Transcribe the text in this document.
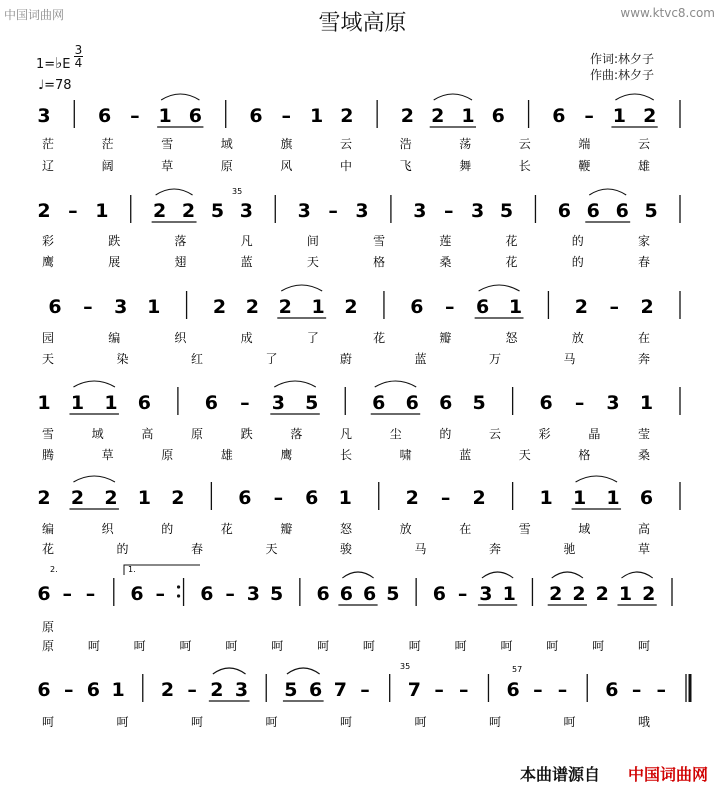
中国词曲网	www.ktvc8.com
雪域高原
作词:林夕子
作曲:林夕子
1=♭E
3
4
♩=78
3 6 – 1 6 6 – 1 2 2 2 1 6 6 – 1 2
2 – 1 2 2 5 3 3 – 3 3 – 3 5 6 6 6 5
6 – 3 1	2 2 2 1 2	6 – 6 1	2 – 2
1 1 1 6	6 – 3 5	6 6 6 5	6 – 3 1
2 2 2 1 2	6 – 6 1	2 – 2	1 1 1 6
6 – – 6 – 6 – 3 5 6 6 6 5 6 – 3 1 2 2 2 1 2
6 – 6 1 2 – 2 3 5 6 7 – 7 – – 6 – – 6 – –
茫	茫	雪	域	旗	云	浩	荡	云	端	云
辽	阔	草	原	风	中	飞	舞	长	鞭	雄
彩	跌	落	凡	间	雪	莲	花	的	家
鹰	展	翅	蓝	天	格	桑	花	的	春
园	编	织	成	了	花	瓣	怒	放	在
天	染	红	了	蔚	蓝	万	马	奔
雪	域	高	原	跌	落	凡	尘	的	云	彩	晶	莹
腾	草	原	雄	鹰	长	啸	蓝	天	格	桑
编	织	的	花	瓣	怒	放	在	雪	域	高
花	的	春	天	骏	马	奔	驰	草
原
原	呵	呵	呵	呵	呵	呵	呵	呵	呵	呵	呵	呵	呵
呵	呵	呵	呵	呵	呵	呵	呵	哦
35
35	57
1.
2.
本曲谱源自 中国词曲网
